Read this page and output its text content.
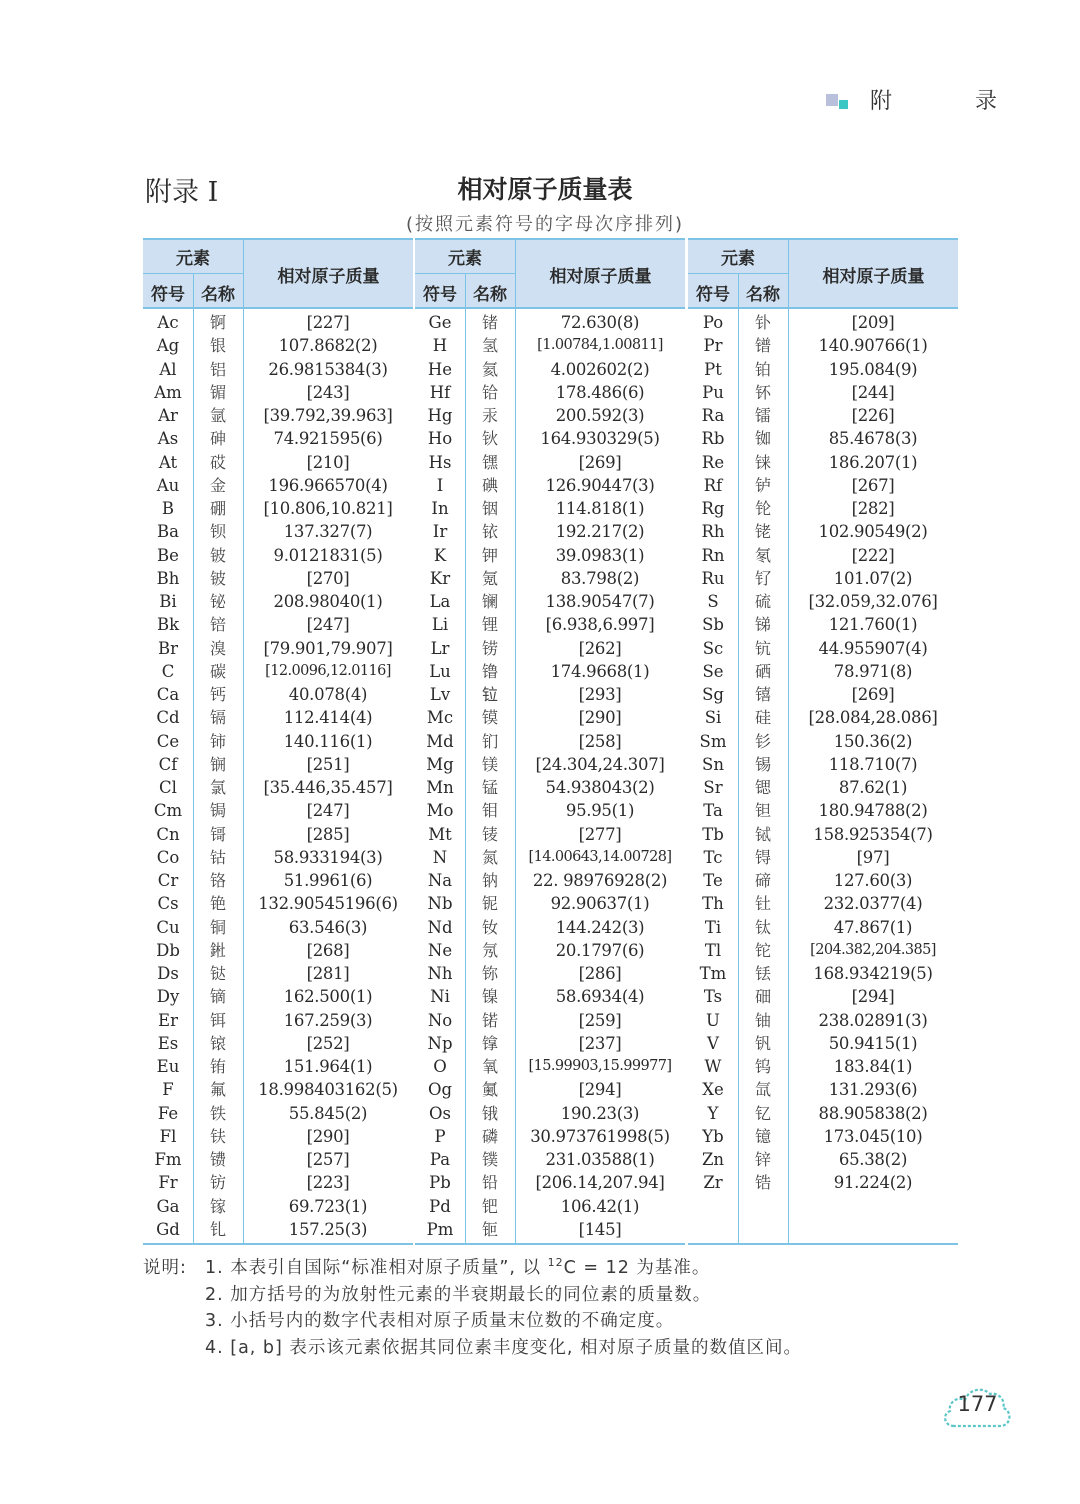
附 录
附录 I	相对原子质量表
(按照元素符号的字母次序排列)
元素
符号 名称
相对原子质量
Ac	锕	[227]
Ag	银	107.8682(2)
Al	铝	26.9815384(3)
Am	镅	[243]
Ar	氩	[39.792,39.963]
As	砷	74.921595(6)
At	砹	[210]
Au	金	196.966570(4)
B	硼	[10.806,10.821]
Ba	钡	137.327(7)
Be	铍	9.0121831(5)
Bh	铍	[270]
Bi	铋	208.98040(1)
Bk	锫	[247]
Br	溴	[79.901,79.907]
C	碳	[12.0096,12.0116]
Ca	钙	40.078(4)
Cd	镉	112.414(4)
Ce	铈	140.116(1)
Cf	锎	[251]
Cl	氯	[35.446,35.457]
Cm	锔	[247]
Cn	鿔	[285]
Co	钴	58.933194(3)
Cr	铬	51.9961(6)
Cs	铯	132.90545196(6)
Cu	铜	63.546(3)
Db	𨧀	[268]
Ds	𫟼	[281]
Dy	镝	162.500(1)
Er	铒	167.259(3)
Es	锿	[252]
Eu	铕	151.964(1)
F	氟	18.998403162(5)
Fe	铁	55.845(2)
Fl	𫓧	[290]
Fm	镄	[257]
Fr	钫	[223]
Ga	镓	69.723(1)
Gd	钆	157.25(3)
元素
符号 名称
相对原子质量
Ge	锗	72.630(8)
H	氢	[1.00784,1.00811]
He	氦	4.002602(2)
Hf	铪	178.486(6)
Hg	汞	200.592(3)
Ho	钬	164.930329(5)
Hs	𬭶	[269]
I	碘	126.90447(3)
In	铟	114.818(1)
Ir	铱	192.217(2)
K	钾	39.0983(1)
Kr	氪	83.798(2)
La	镧	138.90547(7)
Li	锂	[6.938,6.997]
Lr	铹	[262]
Lu	镥	174.9668(1)
Lv	𫟷	[293]
Mc	镆	[290]
Md	钔	[258]
Mg	镁	[24.304,24.307]
Mn	锰	54.938043(2)
Mo	钼	95.95(1)
Mt	鿏	[277]
N	氮	[14.00643,14.00728]
Na	钠	22. 98976928(2)
Nb	铌	92.90637(1)
Nd	钕	144.242(3)
Ne	氖	20.1797(6)
Nh	鿭	[286]
Ni	镍	58.6934(4)
No	锘	[259]
Np	镎	[237]
O	氧	[15.99903,15.99977]
Og	鿫	[294]
Os	锇	190.23(3)
P	磷	30.973761998(5)
Pa	镤	231.03588(1)
Pb	铅	[206.14,207.94]
Pd	钯	106.42(1)
Pm	钷	[145]
元素
符号 名称
相对原子质量
Po	钋	[209]
Pr	镨	140.90766(1)
Pt	铂	195.084(9)
Pu	钚	[244]
Ra	镭	[226]
Rb	铷	85.4678(3)
Re	铼	186.207(1)
Rf	𬬻	[267]
Rg	𬬭	[282]
Rh	铑	102.90549(2)
Rn	氡	[222]
Ru	钌	101.07(2)
S	硫	[32.059,32.076]
Sb	锑	121.760(1)
Sc	钪	44.955907(4)
Se	硒	78.971(8)
Sg	𬭳	[269]
Si	硅	[28.084,28.086]
Sm	钐	150.36(2)
Sn	锡	118.710(7)
Sr	锶	87.62(1)
Ta	钽	180.94788(2)
Tb	铽	158.925354(7)
Tc	锝	[97]
Te	碲	127.60(3)
Th	钍	232.0377(4)
Ti	钛	47.867(1)
Tl	铊	[204.382,204.385]
Tm	铥	168.934219(5)
Ts	鿬	[294]
U	铀	238.02891(3)
V	钒	50.9415(1)
W	钨	183.84(1)
Xe	氙	131.293(6)
Y	钇	88.905838(2)
Yb	镱	173.045(10)
Zn	锌	65.38(2)
Zr	锆	91.224(2)
说明:	1. 本表引自国际“标准相对原子质量”, 以 $^{12}$C = 12 为基准。
2. 加方括号的为放射性元素的半衰期最长的同位素的质量数。
3. 小括号内的数字代表相对原子质量末位数的不确定度。
4. [a, b] 表示该元素依据其同位素丰度变化, 相对原子质量的数值区间。
177
